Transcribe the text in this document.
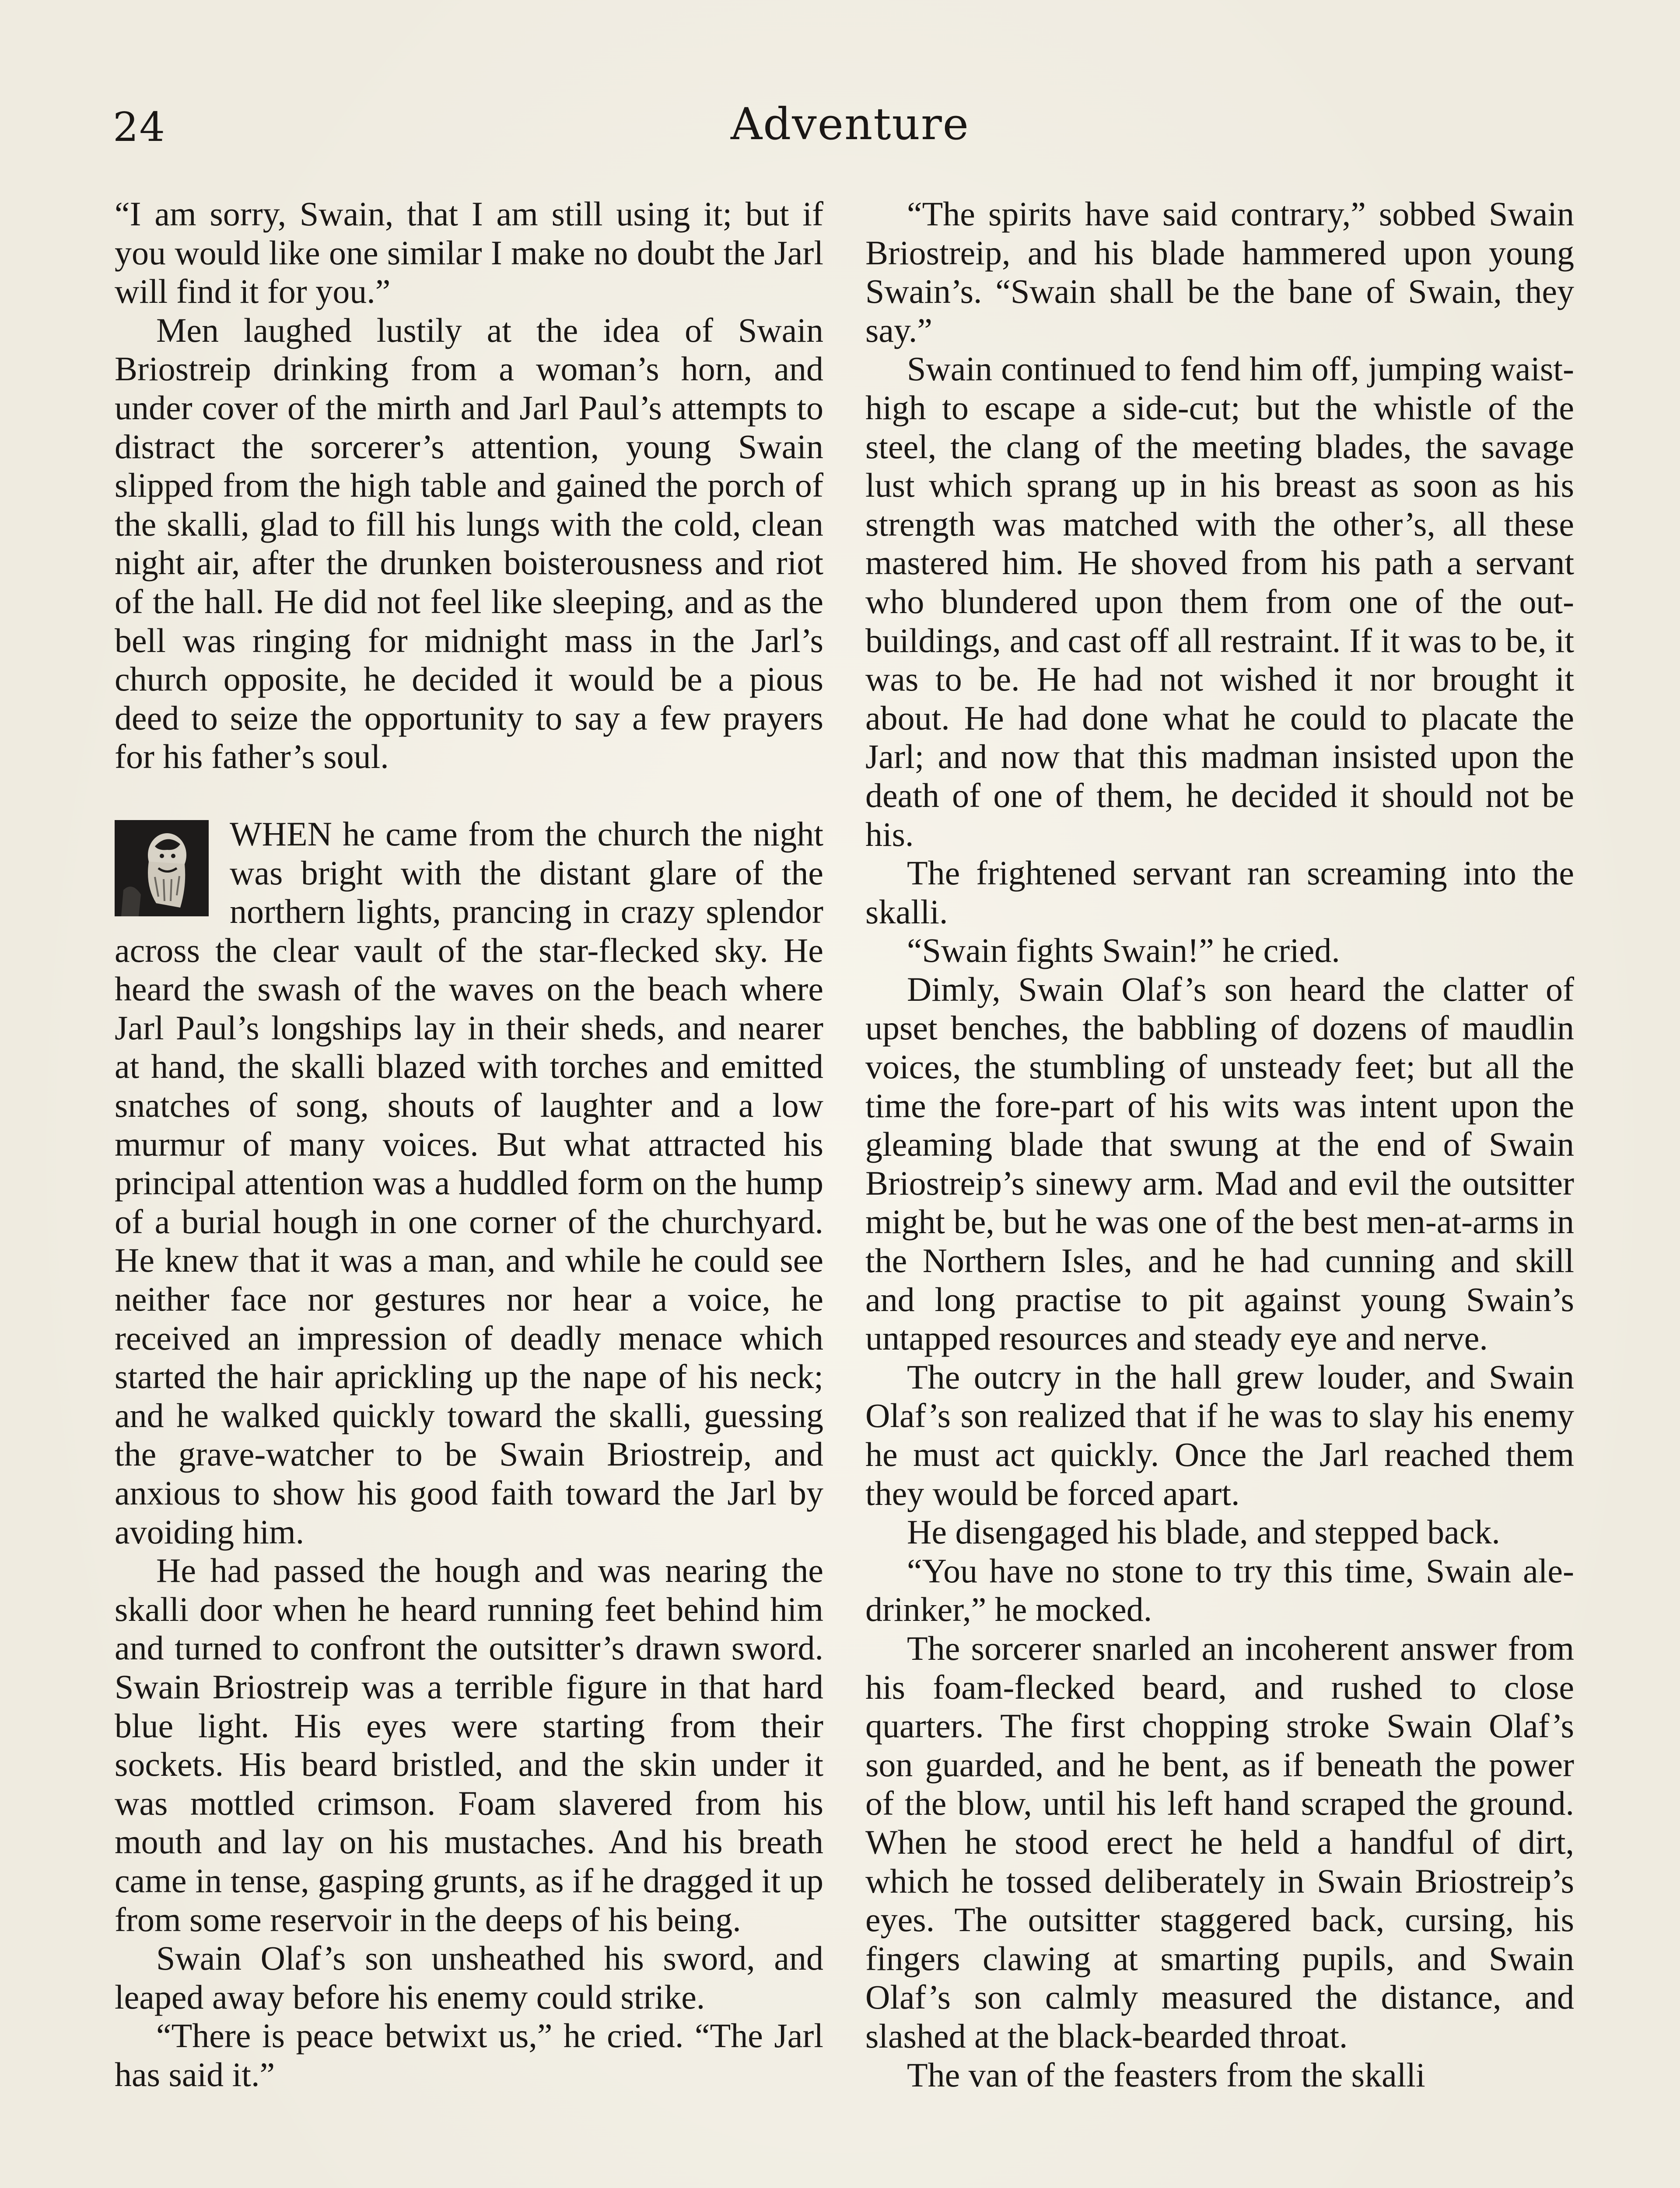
24	Adventure

“I am sorry, Swain, that I am still using it; but if you would like one similar I make no doubt the Jarl will find it for you.”

Men laughed lustily at the idea of Swain Briostreip drinking from a woman’s horn, and under cover of the mirth and Jarl Paul’s attempts to distract the sorcerer’s attention, young Swain slipped from the high table and gained the porch of the skalli, glad to fill his lungs with the cold, clean night air, after the drunken boisterousness and riot of the hall. He did not feel like sleeping, and as the bell was ringing for midnight mass in the Jarl’s church opposite, he decided it would be a pious deed to seize the opportunity to say a few prayers for his father’s soul.

WHEN he came from the church the night was bright with the distant glare of the northern lights, prancing in crazy splendor across the clear vault of the star-flecked sky. He heard the swash of the waves on the beach where Jarl Paul’s longships lay in their sheds, and nearer at hand, the skalli blazed with torches and emitted snatches of song, shouts of laughter and a low murmur of many voices. But what attracted his principal attention was a huddled form on the hump of a burial hough in one corner of the churchyard. He knew that it was a man, and while he could see neither face nor gestures nor hear a voice, he received an impression of deadly menace which started the hair aprickling up the nape of his neck; and he walked quickly toward the skalli, guessing the grave-watcher to be Swain Briostreip, and anxious to show his good faith toward the Jarl by avoiding him.

He had passed the hough and was nearing the skalli door when he heard running feet behind him and turned to confront the outsitter’s drawn sword. Swain Briostreip was a terrible figure in that hard blue light. His eyes were starting from their sockets. His beard bristled, and the skin under it was mottled crimson. Foam slavered from his mouth and lay on his mustaches. And his breath came in tense, gasping grunts, as if he dragged it up from some reservoir in the deeps of his being.

Swain Olaf’s son unsheathed his sword, and leaped away before his enemy could strike.

“There is peace betwixt us,” he cried. “The Jarl has said it.”

“The spirits have said contrary,” sobbed Swain Briostreip, and his blade hammered upon young Swain’s. “Swain shall be the bane of Swain, they say.”

Swain continued to fend him off, jumping waist-high to escape a side-cut; but the whistle of the steel, the clang of the meeting blades, the savage lust which sprang up in his breast as soon as his strength was matched with the other’s, all these mastered him. He shoved from his path a servant who blundered upon them from one of the out-buildings, and cast off all restraint. If it was to be, it was to be. He had not wished it nor brought it about. He had done what he could to placate the Jarl; and now that this madman insisted upon the death of one of them, he decided it should not be his.

The frightened servant ran screaming into the skalli.

“Swain fights Swain!” he cried.

Dimly, Swain Olaf’s son heard the clatter of upset benches, the babbling of dozens of maudlin voices, the stumbling of unsteady feet; but all the time the fore-part of his wits was intent upon the gleaming blade that swung at the end of Swain Briostreip’s sinewy arm. Mad and evil the outsitter might be, but he was one of the best men-at-arms in the Northern Isles, and he had cunning and skill and long practise to pit against young Swain’s untapped resources and steady eye and nerve.

The outcry in the hall grew louder, and Swain Olaf’s son realized that if he was to slay his enemy he must act quickly. Once the Jarl reached them they would be forced apart.

He disengaged his blade, and stepped back.

“You have no stone to try this time, Swain ale-drinker,” he mocked.

The sorcerer snarled an incoherent answer from his foam-flecked beard, and rushed to close quarters. The first chopping stroke Swain Olaf’s son guarded, and he bent, as if beneath the power of the blow, until his left hand scraped the ground. When he stood erect he held a handful of dirt, which he tossed deliberately in Swain Briostreip’s eyes. The outsitter staggered back, cursing, his fingers clawing at smarting pupils, and Swain Olaf’s son calmly measured the distance, and slashed at the black-bearded throat.

The van of the feasters from the skalli
